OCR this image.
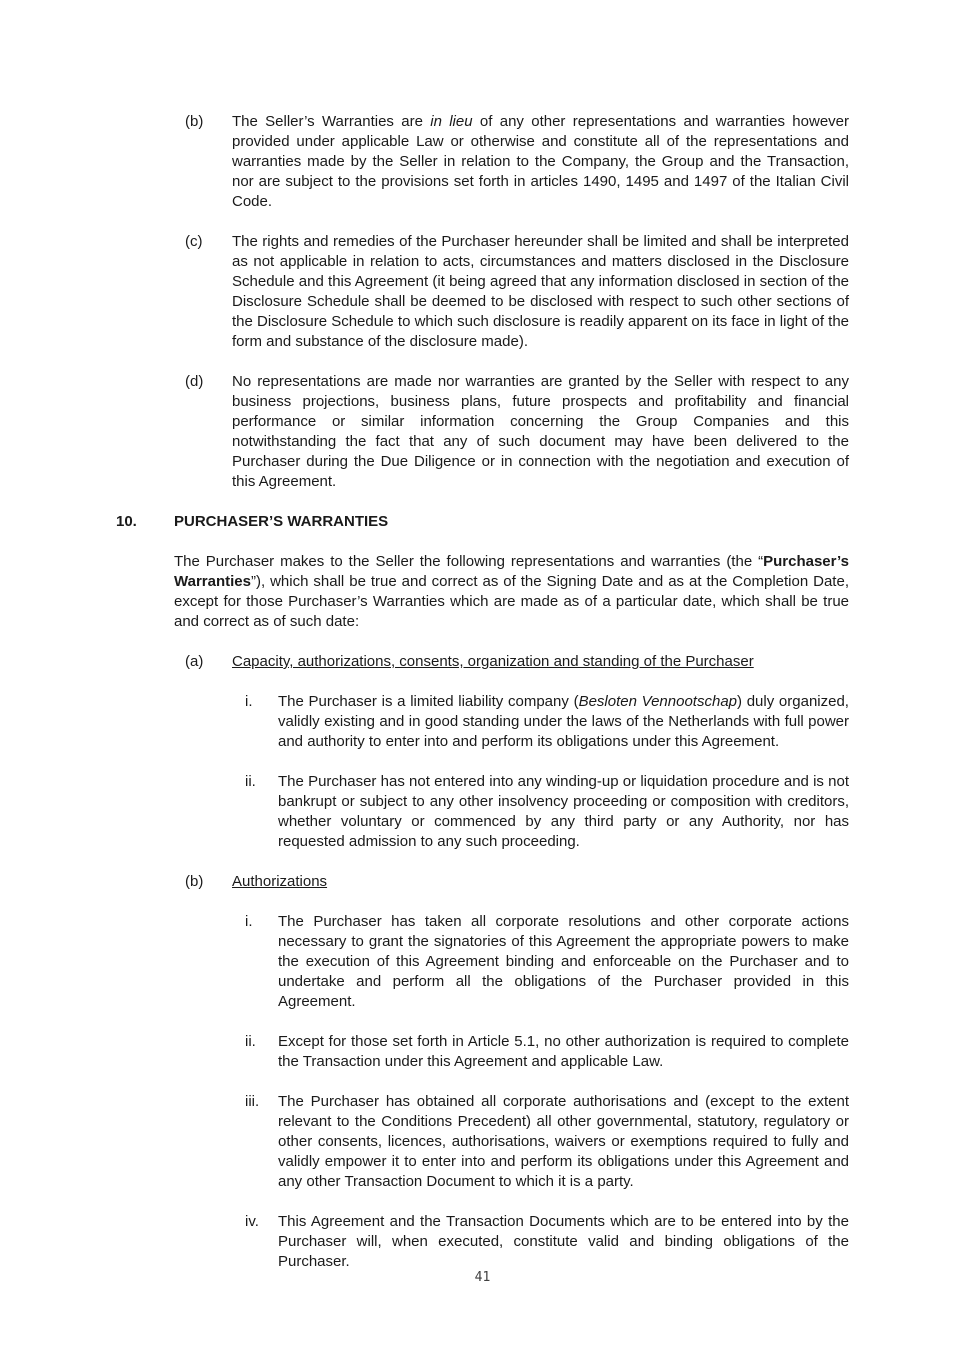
(b)	The Seller’s Warranties are in lieu of any other representations and warranties however provided under applicable Law or otherwise and constitute all of the representations and warranties made by the Seller in relation to the Company, the Group and the Transaction, nor are subject to the provisions set forth in articles 1490, 1495 and 1497 of the Italian Civil Code.
(c)	The rights and remedies of the Purchaser hereunder shall be limited and shall be interpreted as not applicable in relation to acts, circumstances and matters disclosed in the Disclosure Schedule and this Agreement (it being agreed that any information disclosed in section of the Disclosure Schedule shall be deemed to be disclosed with respect to such other sections of the Disclosure Schedule to which such disclosure is readily apparent on its face in light of the form and substance of the disclosure made).
(d)	No representations are made nor warranties are granted by the Seller with respect to any business projections, business plans, future prospects and profitability and financial performance or similar information concerning the Group Companies and this notwithstanding the fact that any of such document may have been delivered to the Purchaser during the Due Diligence or in connection with the negotiation and execution of this Agreement.
10.	PURCHASER’S WARRANTIES
The Purchaser makes to the Seller the following representations and warranties (the “Purchaser’s Warranties”), which shall be true and correct as of the Signing Date and as at the Completion Date, except for those Purchaser’s Warranties which are made as of a particular date, which shall be true and correct as of such date:
(a)	Capacity, authorizations, consents, organization and standing of the Purchaser
i.	The Purchaser is a limited liability company (Besloten Vennootschap) duly organized, validly existing and in good standing under the laws of the Netherlands with full power and authority to enter into and perform its obligations under this Agreement.
ii.	The Purchaser has not entered into any winding-up or liquidation procedure and is not bankrupt or subject to any other insolvency proceeding or composition with creditors, whether voluntary or commenced by any third party or any Authority, nor has requested admission to any such proceeding.
(b)	Authorizations
i.	The Purchaser has taken all corporate resolutions and other corporate actions necessary to grant the signatories of this Agreement the appropriate powers to make the execution of this Agreement binding and enforceable on the Purchaser and to undertake and perform all the obligations of the Purchaser provided in this Agreement.
ii.	Except for those set forth in Article 5.1, no other authorization is required to complete the Transaction under this Agreement and applicable Law.
iii.	The Purchaser has obtained all corporate authorisations and (except to the extent relevant to the Conditions Precedent) all other governmental, statutory, regulatory or other consents, licences, authorisations, waivers or exemptions required to fully and validly empower it to enter into and perform its obligations under this Agreement and any other Transaction Document to which it is a party.
iv.	This Agreement and the Transaction Documents which are to be entered into by the Purchaser will, when executed, constitute valid and binding obligations of the Purchaser.
41
